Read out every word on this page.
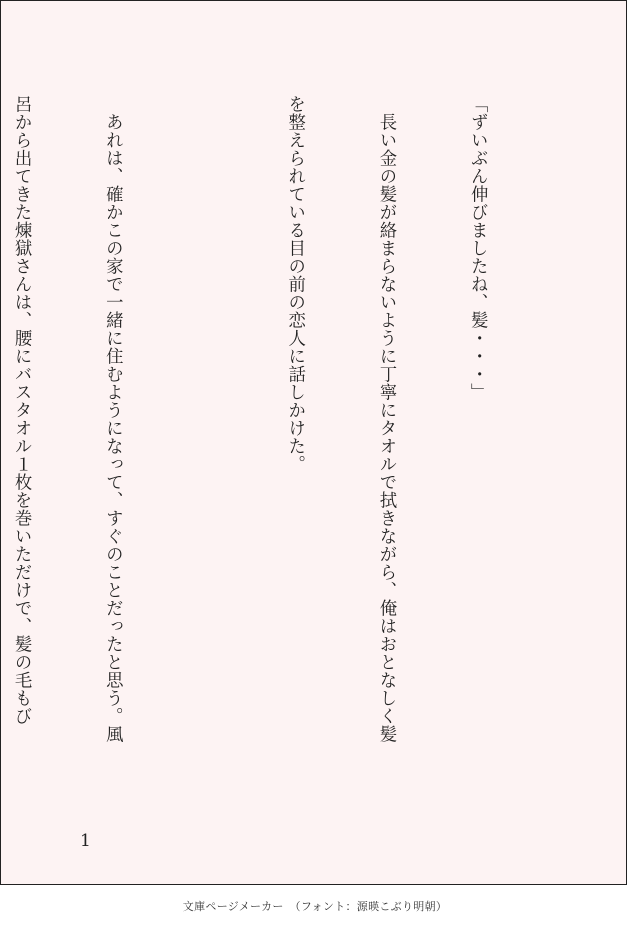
「ずいぶん伸びましたね、髪・・・」

　長い金の髪が絡まらないように丁寧にタオルで拭きながら、俺はおとなしく髪

を整えられている目の前の恋人に話しかけた。

　あれは、確かこの家で一緒に住むようになって、すぐのことだったと思う。風

呂から出てきた煉獄さんは、腰にバスタオル１枚を巻いただけで、髪の毛もび

1
文庫ページメーカー　（フォント：源暎こぶり明朝）
